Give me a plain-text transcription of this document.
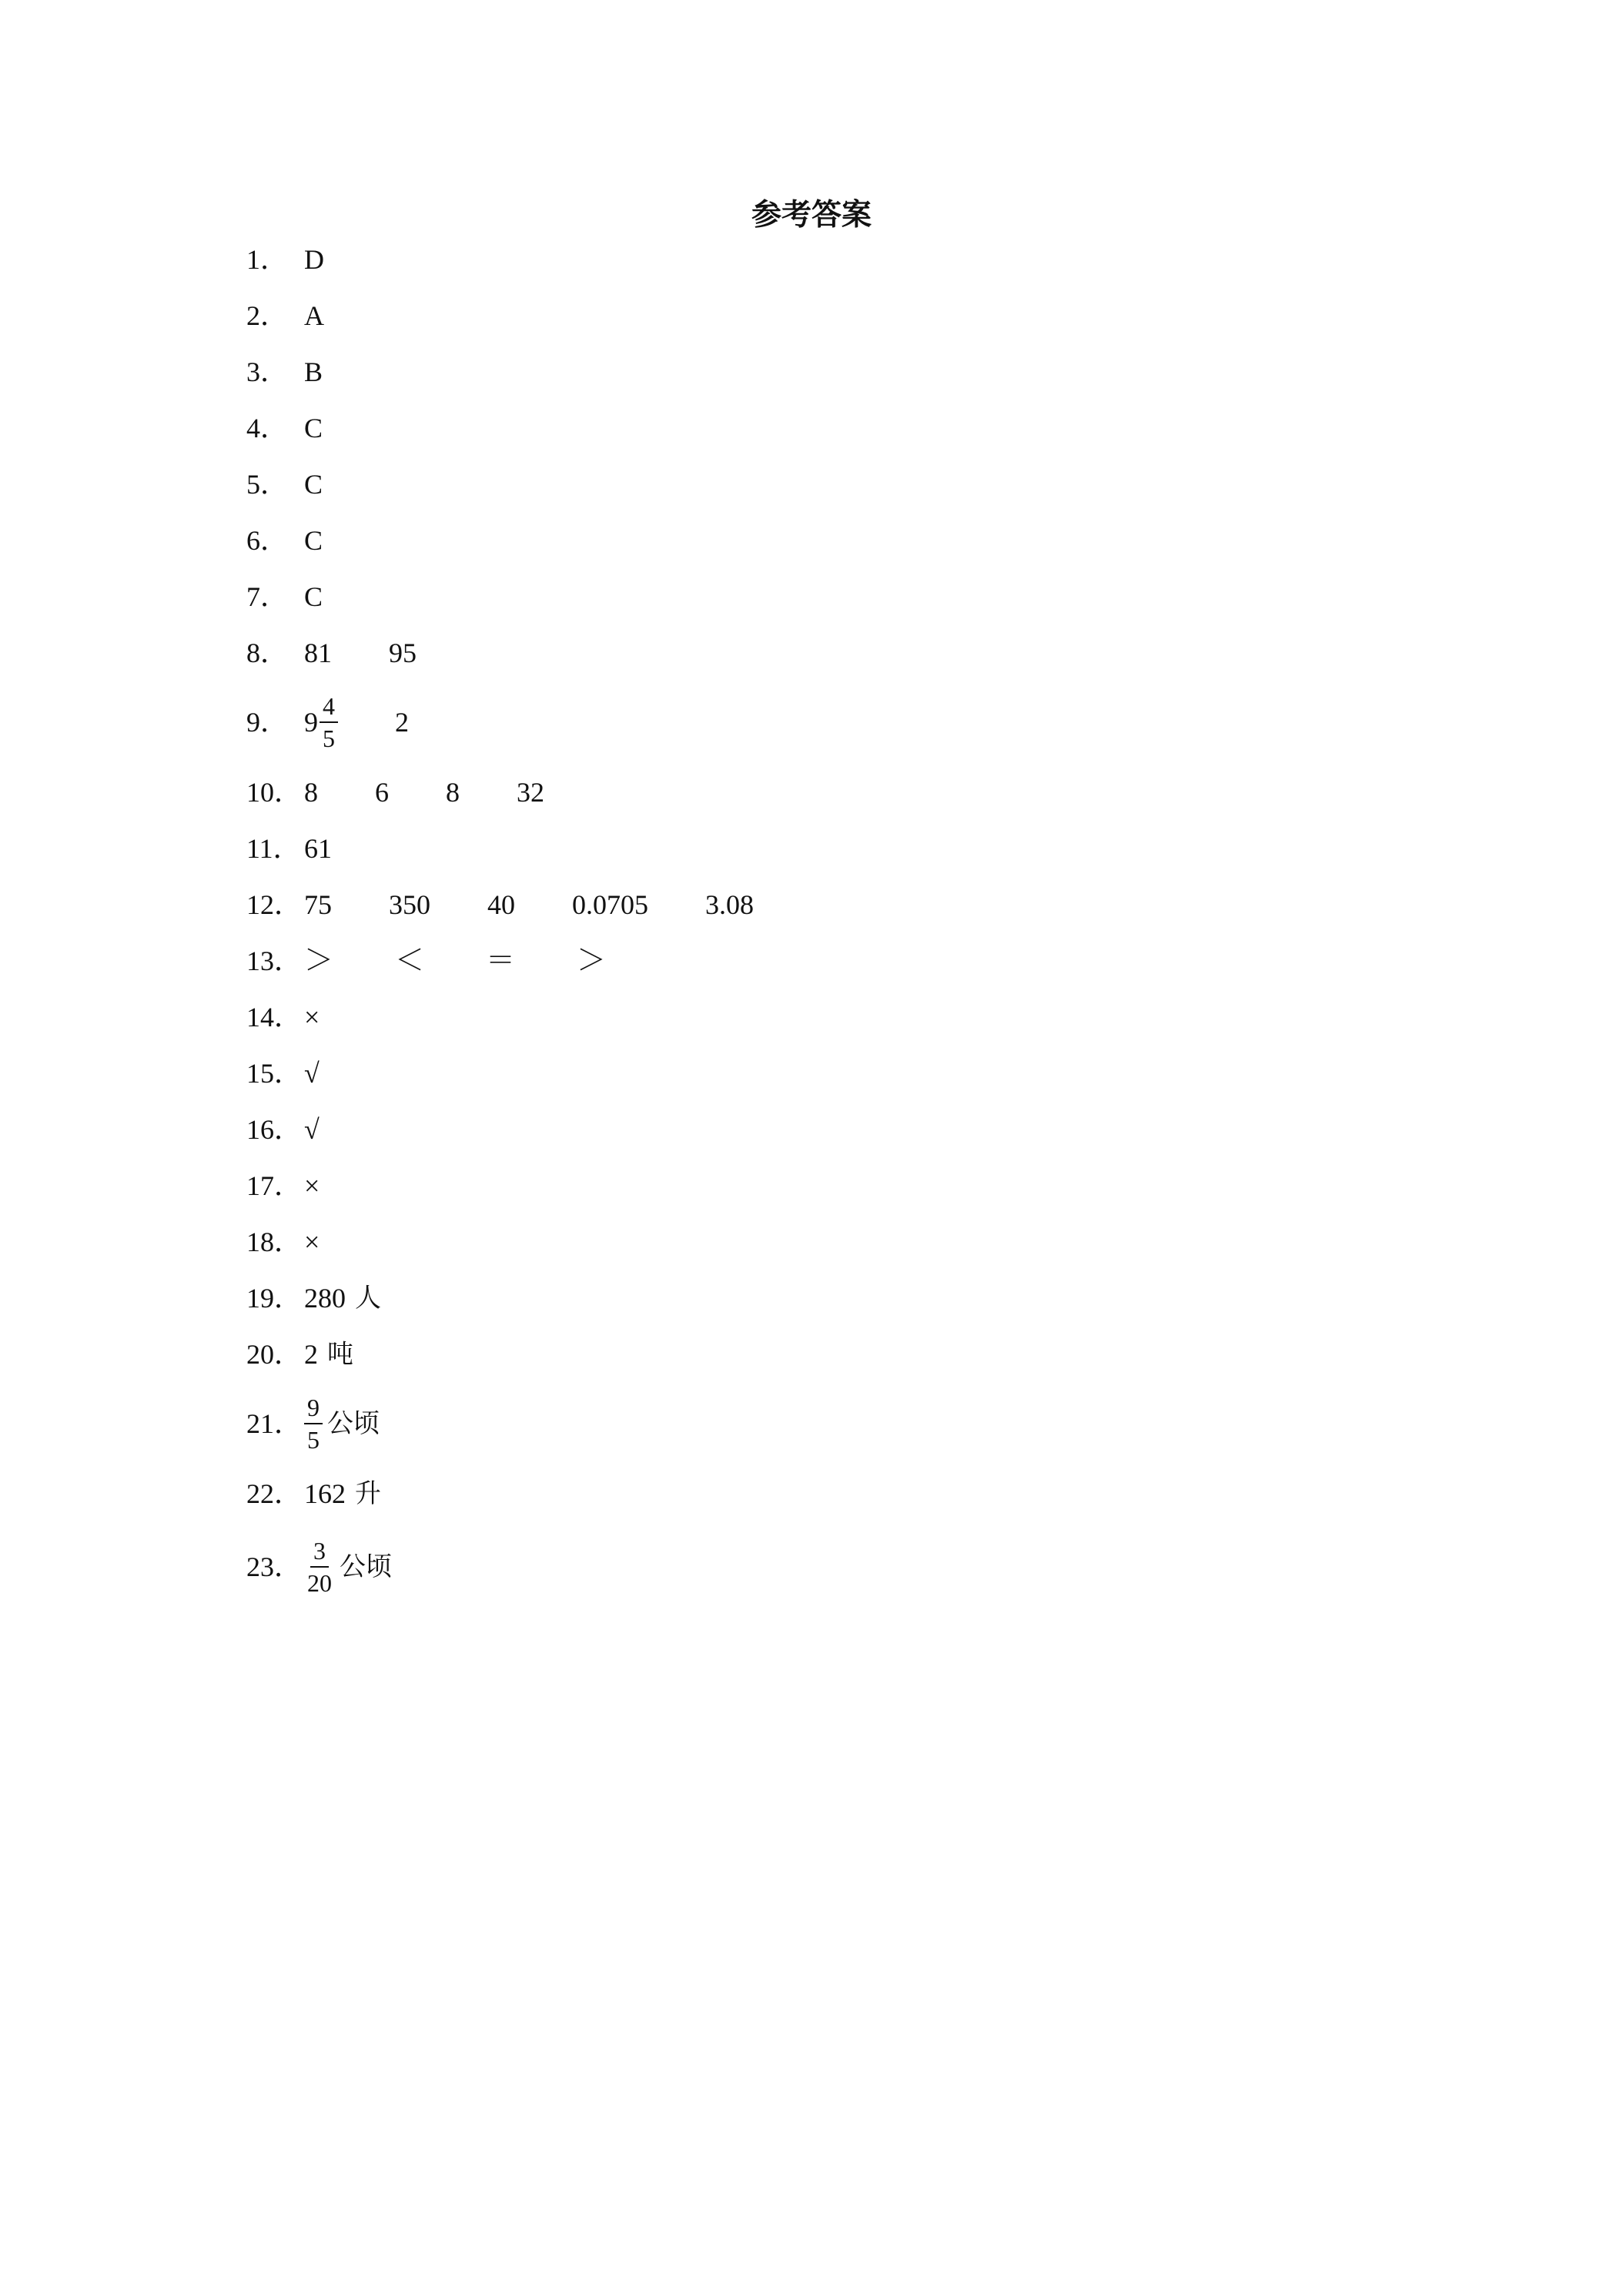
参考答案
1． D
2． A
3． B
4． C
5． C
6． C
7． C
8． 81 95
9． $9 \frac{4}{5} 2$
10． 8 6 8 32
11． 61
12． 75 350 40 0.0705 3.08
13． ＞ ＜ ＝ ＞
14． ×
15． √
16． √
17． ×
18． ×
19． 280 人
20． 2 吨
21． $\frac{9}{5}$ 公顷
22． 162 升
23． $\frac{3}{20}$ 公顷
